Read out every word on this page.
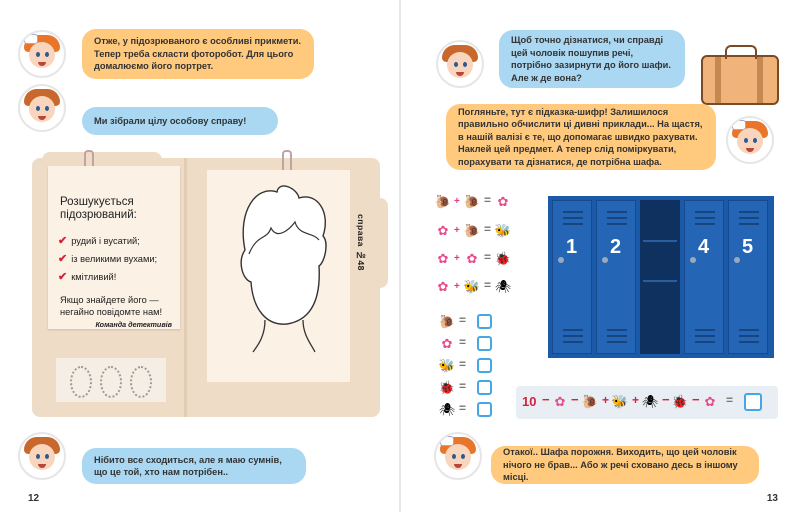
Отже, у підозрюваного є особливі прикмети. Тепер треба скласти фоторобот. Для цього домалюємо його портрет.
Ми зібрали цілу особову справу!
Розшукується
підозрюваний:
✔ рудий і вусатий;
✔ із великими вухами;
✔ кмітливий!
Якщо знайдете його —
негайно повідомте нам!
Команда детективів
справа №48
Нібито все сходиться, але я маю сумнів, що це той, хто нам потрібен..
12
Щоб точно дізнатися, чи справді цей чоловік пошупив речі, потрібно зазирнути до його шафи. Але ж де вона?
Погляньте, тут є підказка-шифр! Залишилося правильно обчислити ці дивні приклади... На щастя, в нашій валізі є те, що допомагає швидко рахувати. Наклей цей предмет. А тепер слід поміркувати, порахувати та дізнатися, де потрібна шафа.
🐌 + 🐌 = ✿
✿ + 🐌 = 🐝
✿ + ✿ = 🐞
✿ + 🐝 = 🕷
🐌 =
✿ =
🐝 =
🐞 =
🕷 =
1 2	4 5
10 − ✿ − 🐌 + 🐝 + 🕷 − 🐞 − ✿ =
Отакої.. Шафа порожня. Виходить, що цей чоловік нічого не брав... Або ж речі сховано десь в іншому місці.
13
